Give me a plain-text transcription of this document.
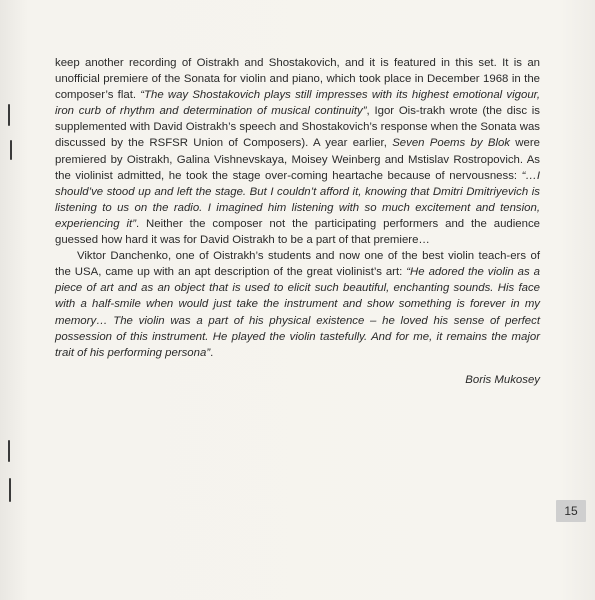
keep another recording of Oistrakh and Shostakovich, and it is featured in this set. It is an unofficial premiere of the Sonata for violin and piano, which took place in December 1968 in the composer’s flat. “The way Shostakovich plays still impresses with its highest emotional vigour, iron curb of rhythm and determination of musical continuity”, Igor Ois-trakh wrote (the disc is supplemented with David Oistrakh’s speech and Shostakovich’s response when the Sonata was discussed by the RSFSR Union of Composers). A year earlier, Seven Poems by Blok were premiered by Oistrakh, Galina Vishnevskaya, Moisey Weinberg and Mstislav Rostropovich. As the violinist admitted, he took the stage over-coming heartache because of nervousness: “…I should’ve stood up and left the stage. But I couldn’t afford it, knowing that Dmitri Dmitriyevich is listening to us on the radio. I imagined him listening with so much excitement and tension, experiencing it”. Neither the composer not the participating performers and the audience guessed how hard it was for David Oistrakh to be a part of that premiere…

Viktor Danchenko, one of Oistrakh’s students and now one of the best violin teach-ers of the USA, came up with an apt description of the great violinist’s art: “He adored the violin as a piece of art and as an object that is used to elicit such beautiful, enchanting sounds. His face with a half-smile when would just take the instrument and show something is forever in my memory… The violin was a part of his physical existence – he loved his sense of perfect possession of this instrument. He played the violin tastefully. And for me, it remains the major trait of his performing persona”.

Boris Mukosey
15
